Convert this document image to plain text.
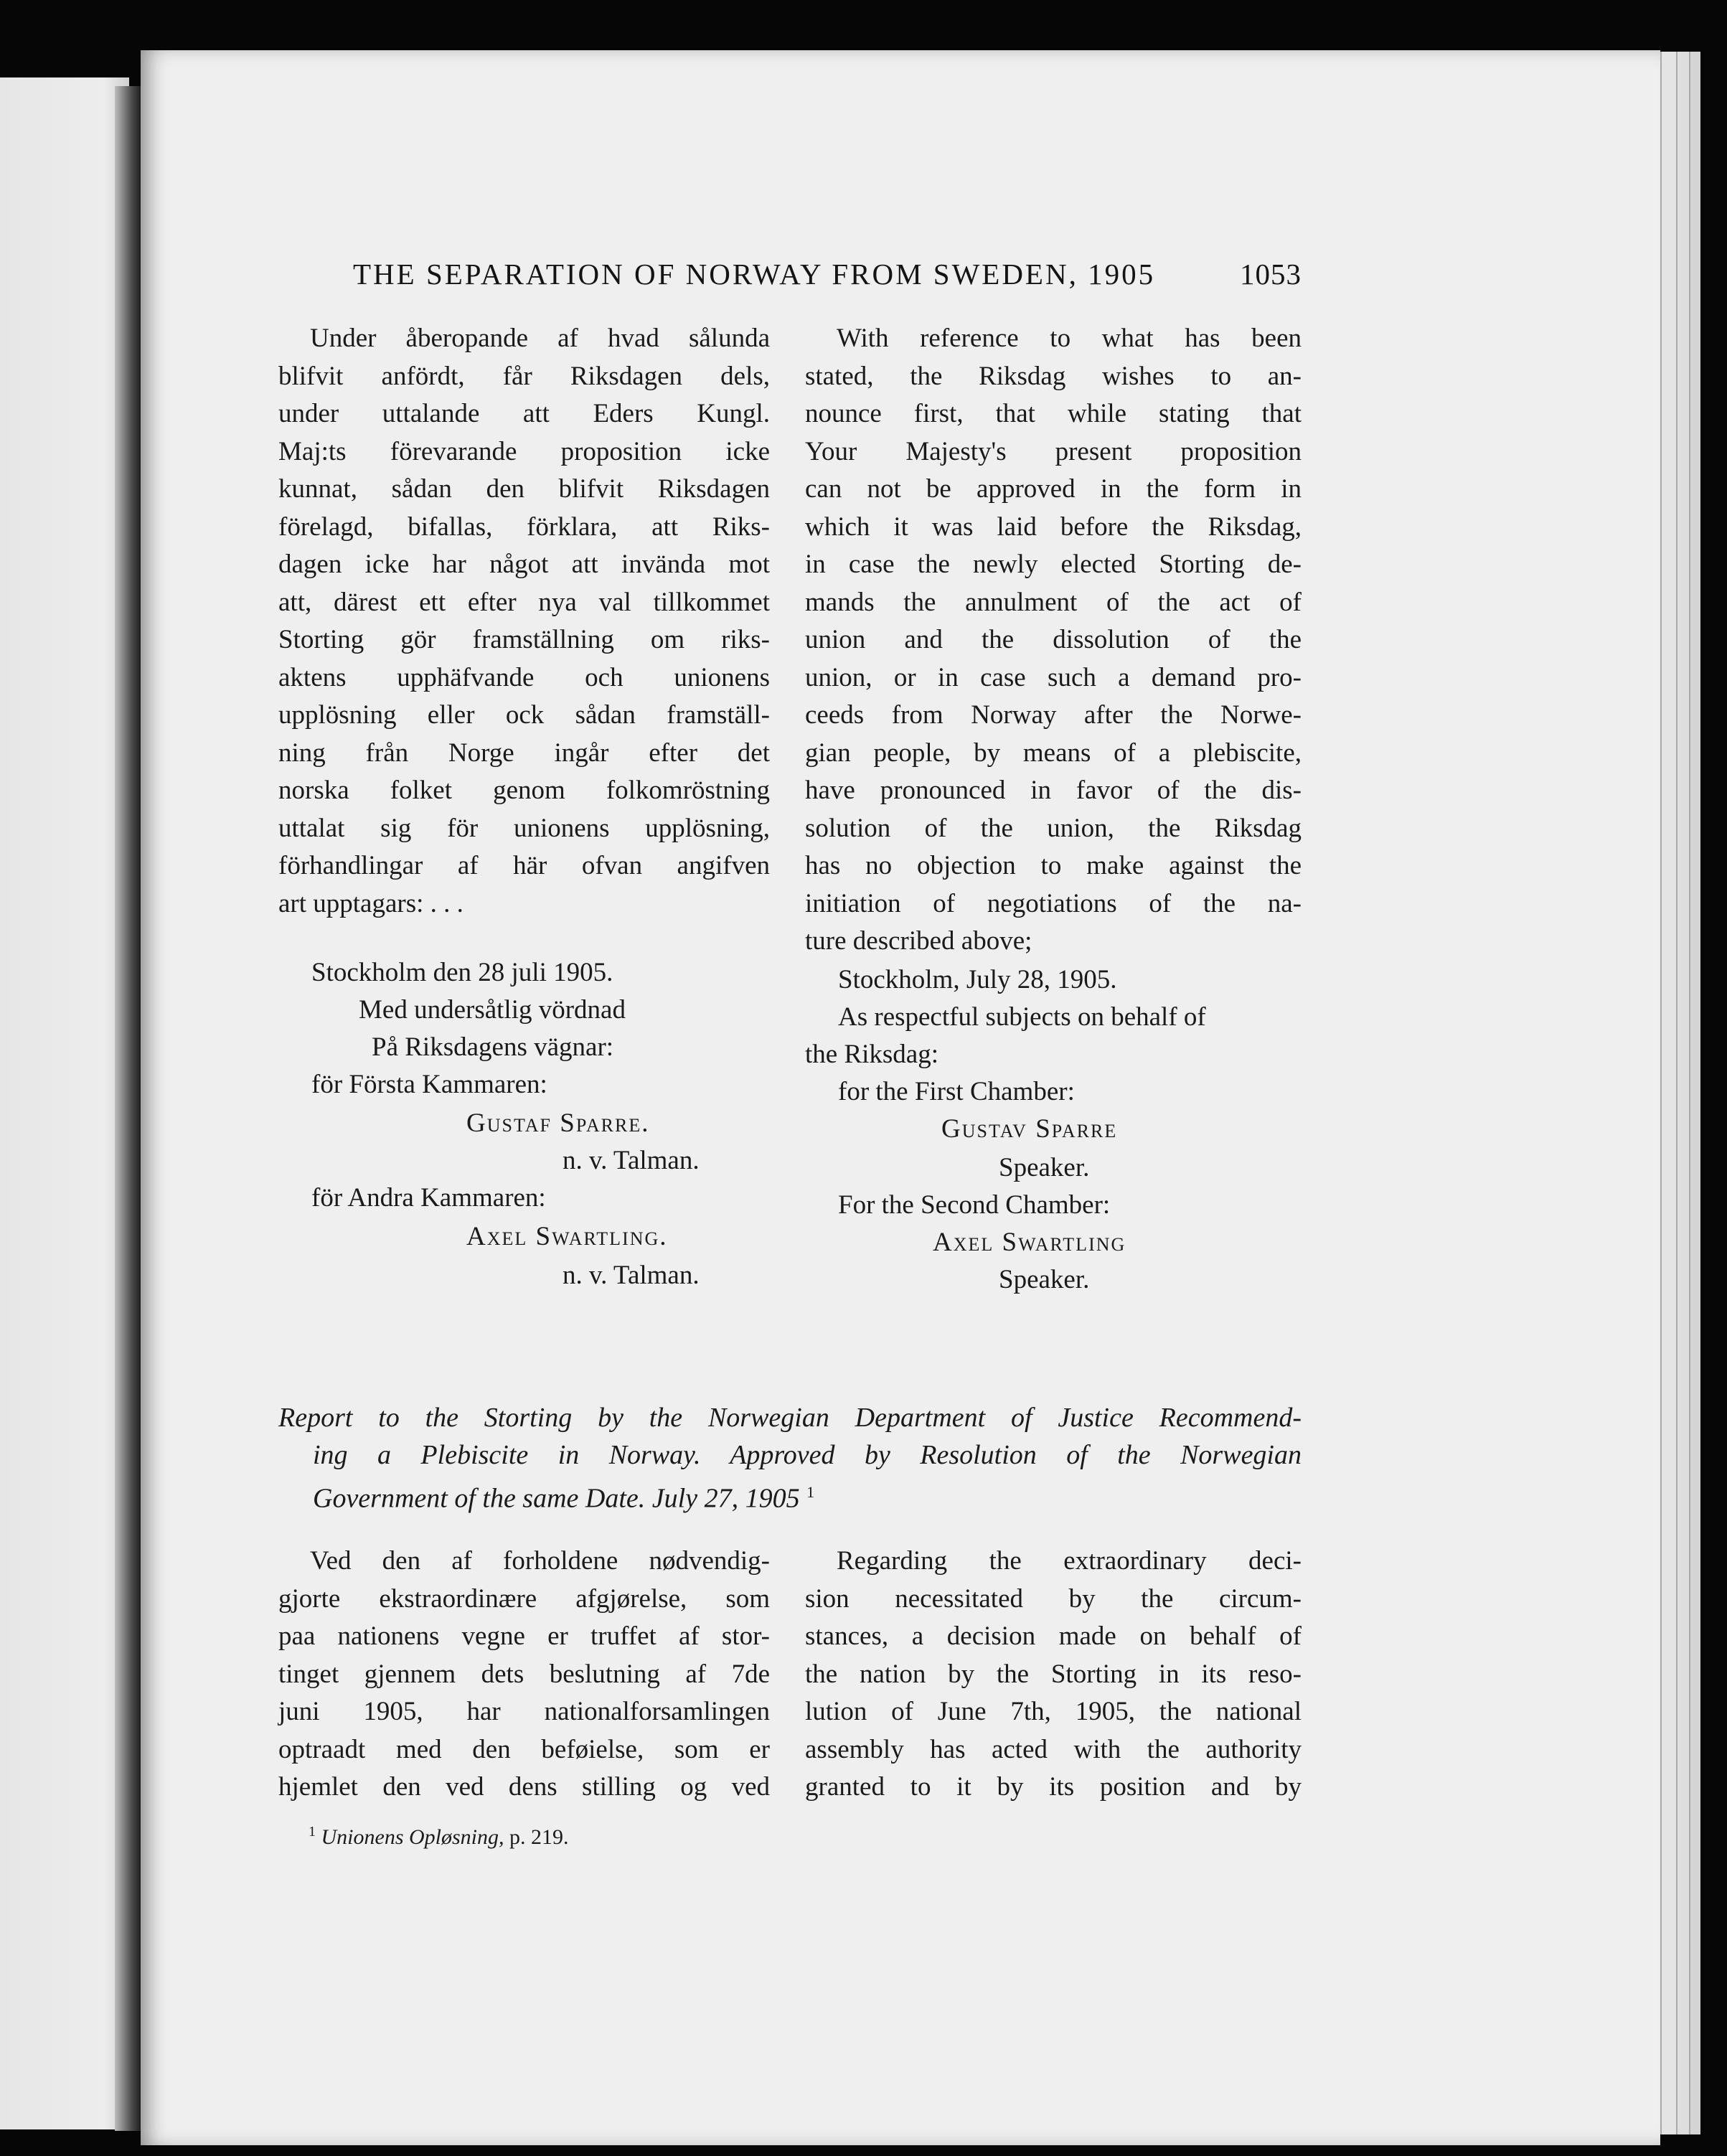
THE SEPARATION OF NORWAY FROM SWEDEN, 1905	1053
Under åberopande af hvad sålunda
blifvit anfördt, får Riksdagen dels,
under uttalande att Eders Kungl.
Maj:ts förevarande proposition icke
kunnat, sådan den blifvit Riksdagen
förelagd, bifallas, förklara, att Riks-
dagen icke har något att invända mot
att, därest ett efter nya val tillkommet
Storting gör framställning om riks-
aktens upphäfvande och unionens
upplösning eller ock sådan framställ-
ning från Norge ingår efter det
norska folket genom folkomröstning
uttalat sig för unionens upplösning,
förhandlingar af här ofvan angifven
art upptagars: . . .
With reference to what has been
stated, the Riksdag wishes to an-
nounce first, that while stating that
Your Majesty's present proposition
can not be approved in the form in
which it was laid before the Riksdag,
in case the newly elected Storting de-
mands the annulment of the act of
union and the dissolution of the
union, or in case such a demand pro-
ceeds from Norway after the Norwe-
gian people, by means of a plebiscite,
have pronounced in favor of the dis-
solution of the union, the Riksdag
has no objection to make against the
initiation of negotiations of the na-
ture described above;
Stockholm den 28 juli 1905.
Med undersåtlig vördnad
På Riksdagens vägnar:
för Första Kammaren:
Gustaf Sparre.
n. v. Talman.
för Andra Kammaren:
Axel Swartling.
n. v. Talman.
Stockholm, July 28, 1905.
As respectful subjects on behalf of
the Riksdag:
for the First Chamber:
Gustav Sparre
Speaker.
For the Second Chamber:
Axel Swartling
Speaker.
Report to the Storting by the Norwegian Department of Justice Recommend-
ing a Plebiscite in Norway. Approved by Resolution of the Norwegian
Government of the same Date. July 27, 1905 $^1$
Ved den af forholdene nødvendig-
gjorte ekstraordinære afgjørelse, som
paa nationens vegne er truffet af stor-
tinget gjennem dets beslutning af 7de
juni 1905, har nationalforsamlingen
optraadt med den beføielse, som er
hjemlet den ved dens stilling og ved
Regarding the extraordinary deci-
sion necessitated by the circum-
stances, a decision made on behalf of
the nation by the Storting in its reso-
lution of June 7th, 1905, the national
assembly has acted with the authority
granted to it by its position and by
$^1$ Unionens Opløsning, p. 219.
